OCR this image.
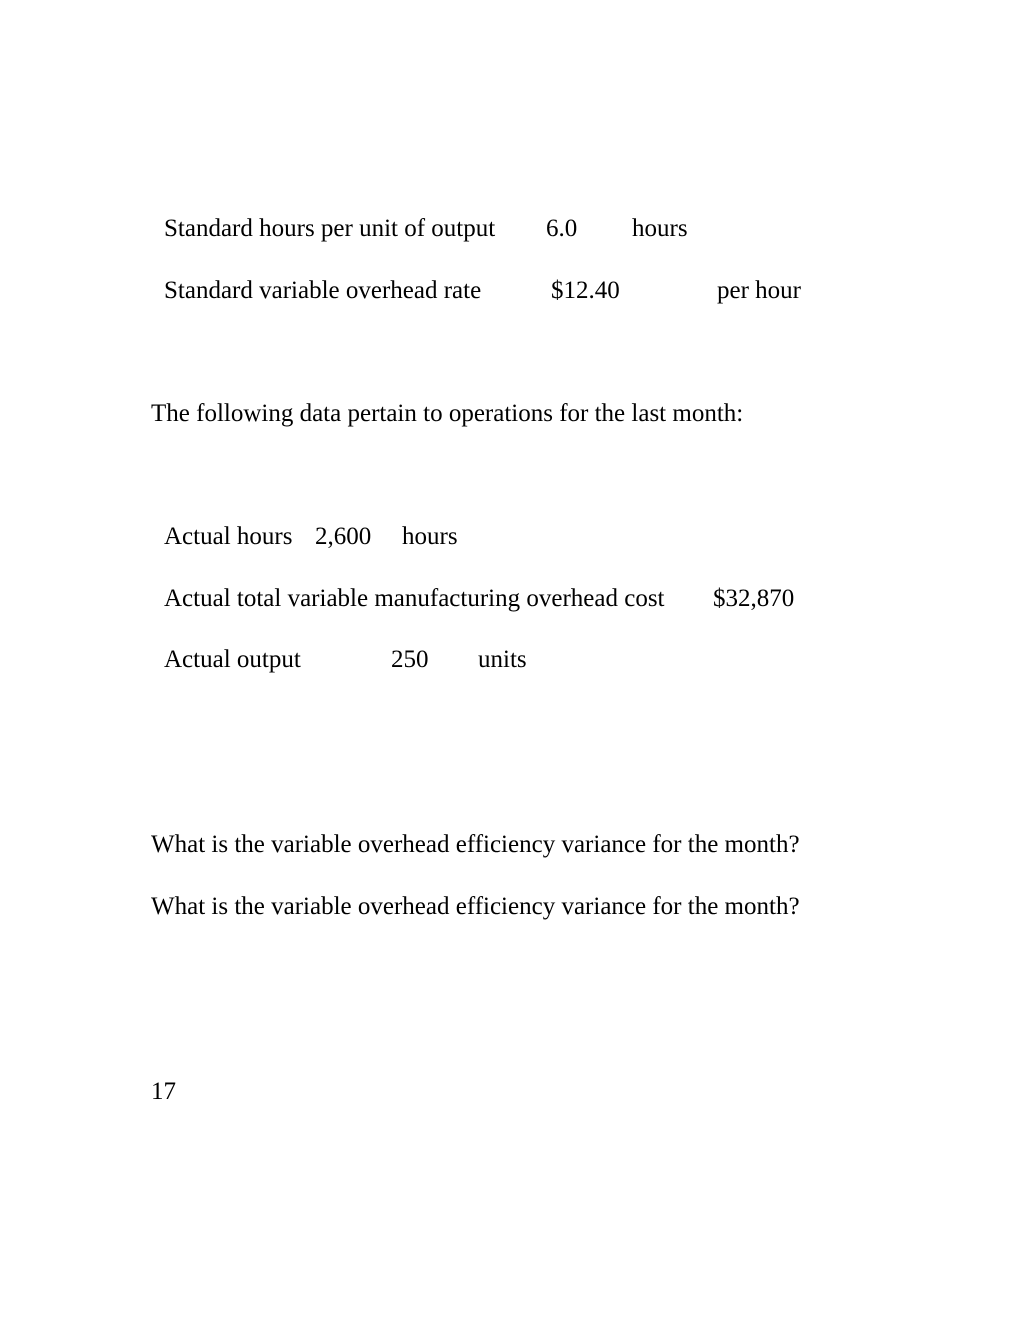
Standard hours per unit of output 6.0 hours
Standard variable overhead rate	$12.40	per hour
The following data pertain to operations for the last month:
Actual hours 2,600 hours
Actual total variable manufacturing overhead cost $32,870
Actual output	250 units
What is the variable overhead efficiency variance for the month?
What is the variable overhead efficiency variance for the month?
17
